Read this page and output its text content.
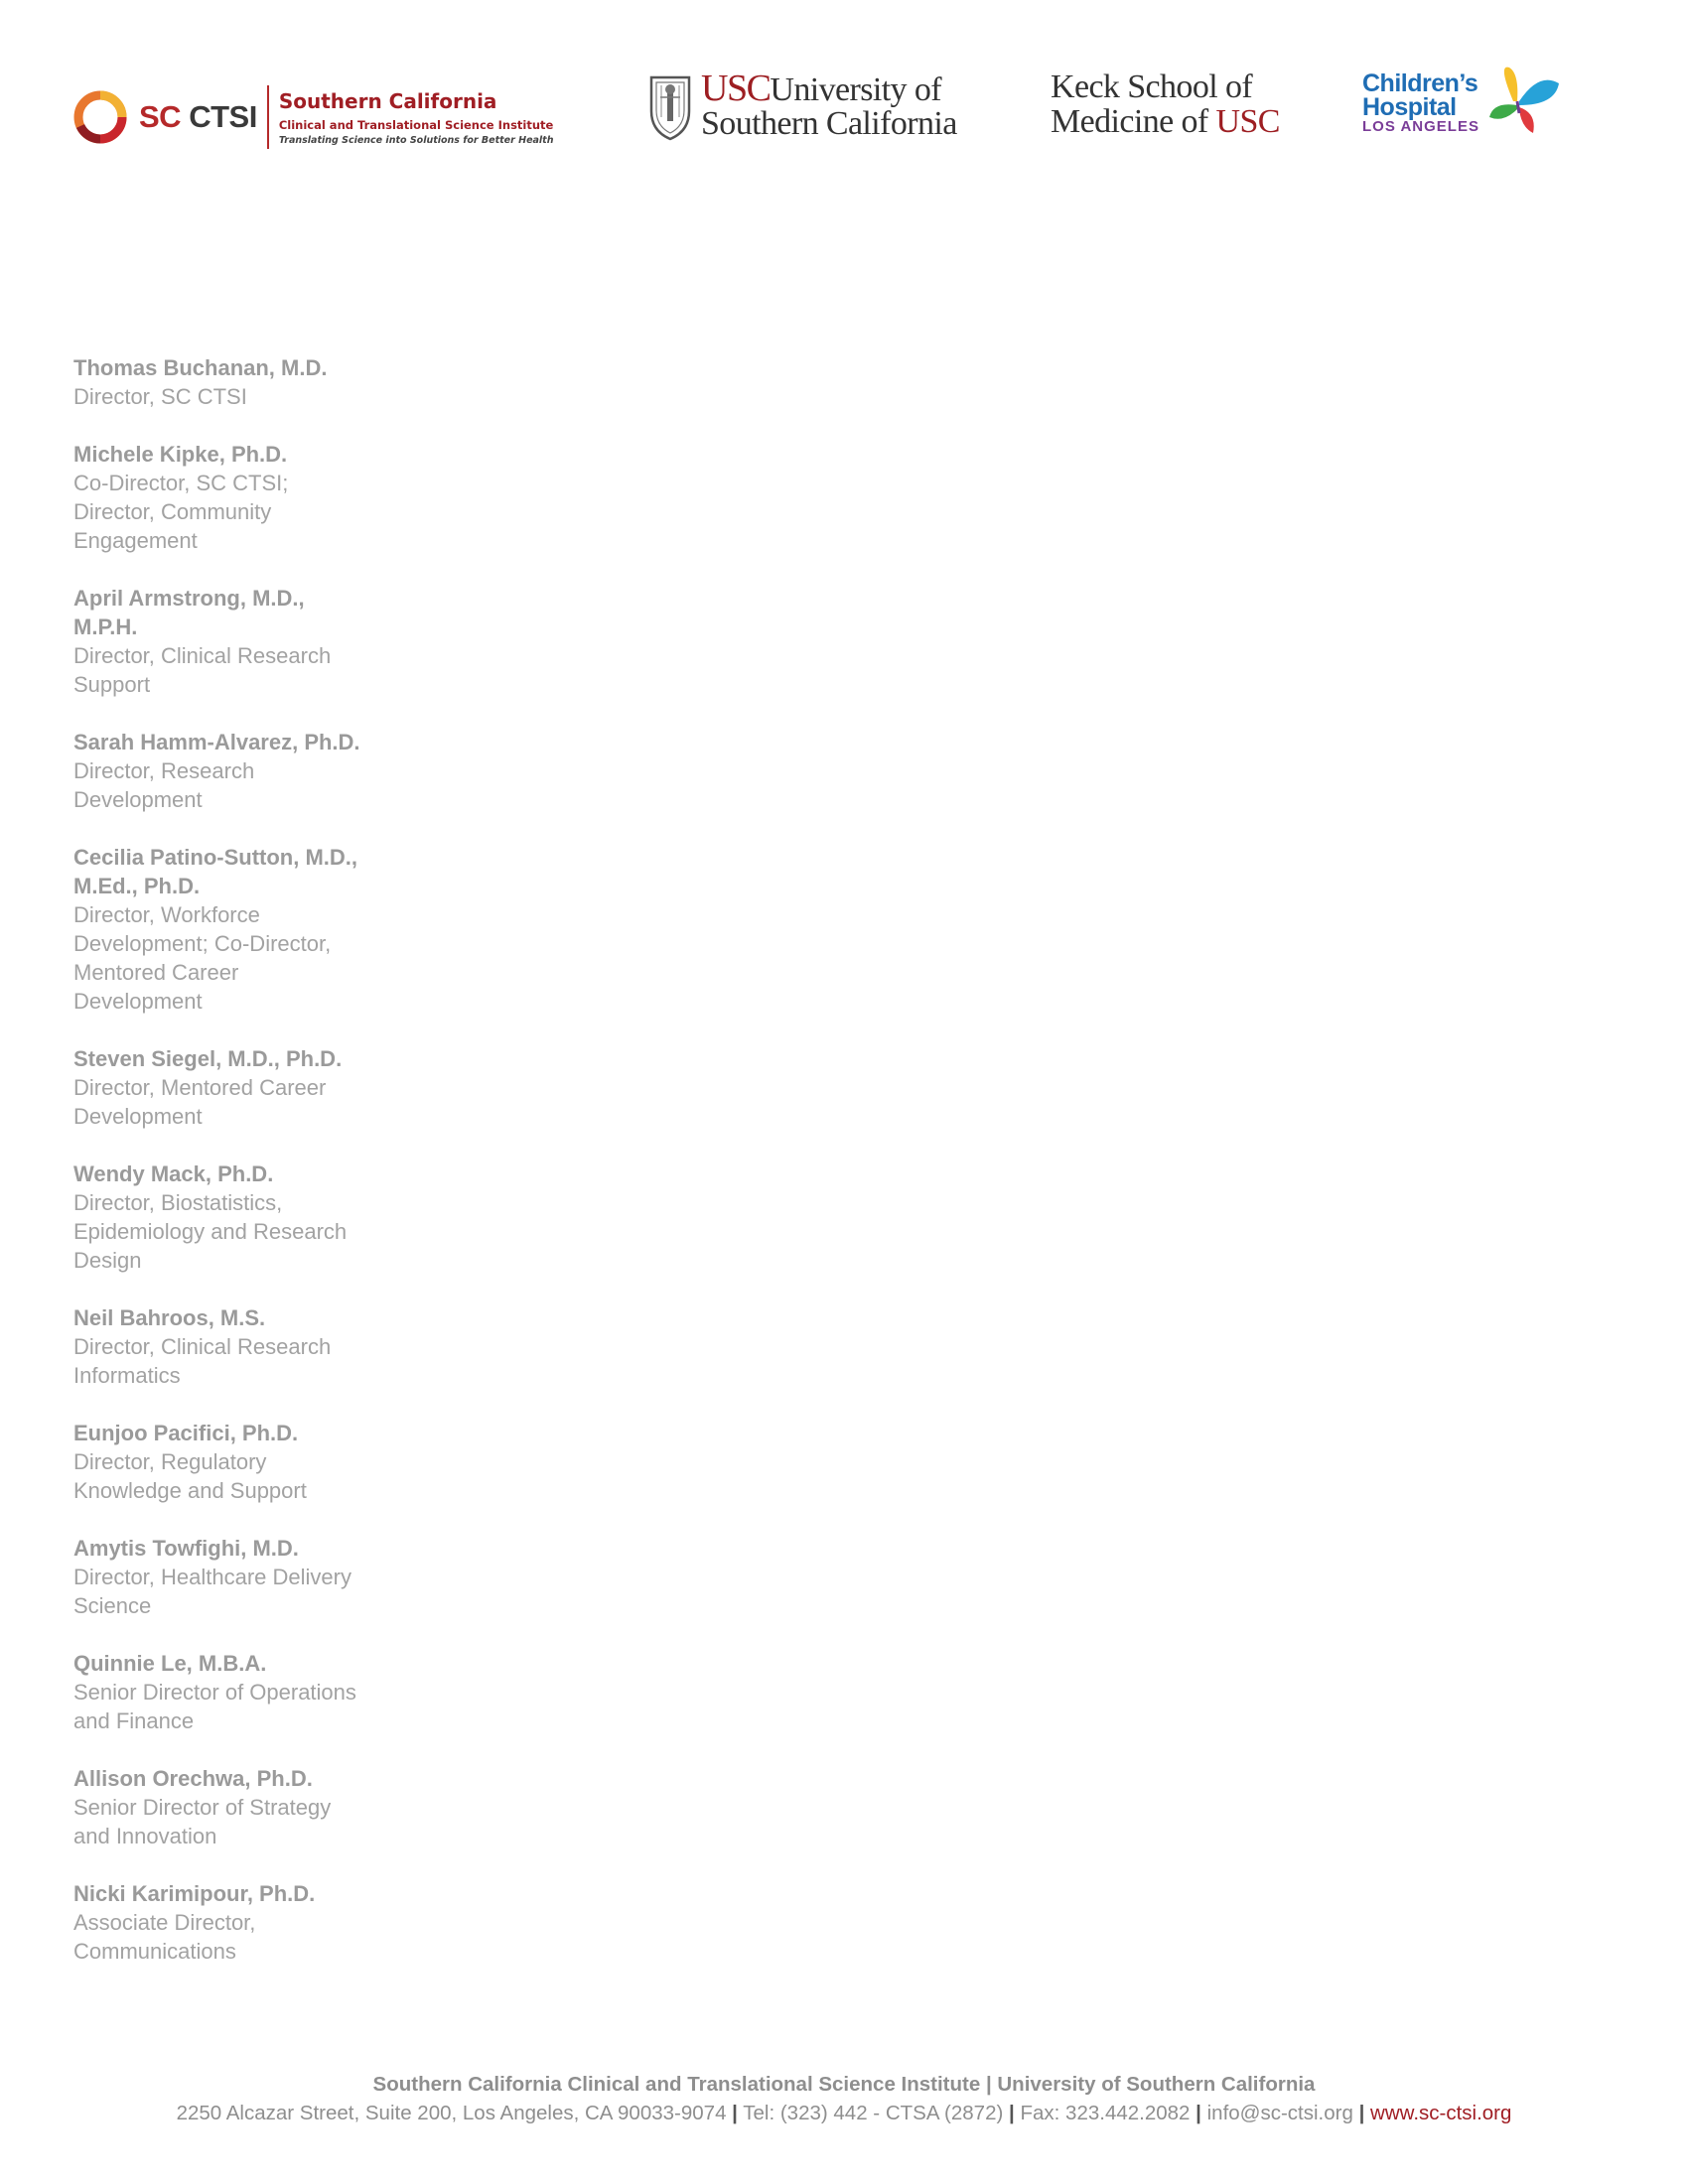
SC CTSI Southern California
Clinical and Translational Science Institute
Translating Science into Solutions for Better Health
USCUniversity of
Southern California
Keck School of
Medicine of USC
Children’s
Hospital
LOS ANGELES
Thomas Buchanan, M.D.
Director, SC CTSI
Michele Kipke, Ph.D.
Co-Director, SC CTSI;
Director, Community
Engagement
April Armstrong, M.D.,
M.P.H.
Director, Clinical Research
Support
Sarah Hamm-Alvarez, Ph.D.
Director, Research
Development
Cecilia Patino-Sutton, M.D.,
M.Ed., Ph.D.
Director, Workforce
Development; Co-Director,
Mentored Career
Development
Steven Siegel, M.D., Ph.D.
Director, Mentored Career
Development
Wendy Mack, Ph.D.
Director, Biostatistics,
Epidemiology and Research
Design
Neil Bahroos, M.S.
Director, Clinical Research
Informatics
Eunjoo Pacifici, Ph.D.
Director, Regulatory
Knowledge and Support
Amytis Towfighi, M.D.
Director, Healthcare Delivery
Science
Quinnie Le, M.B.A.
Senior Director of Operations
and Finance
Allison Orechwa, Ph.D.
Senior Director of Strategy
and Innovation
Nicki Karimipour, Ph.D.
Associate Director,
Communications
Southern California Clinical and Translational Science Institute | University of Southern California
2250 Alcazar Street, Suite 200, Los Angeles, CA 90033-9074 | Tel: (323) 442 - CTSA (2872) | Fax: 323.442.2082 | info@sc-ctsi.org | www.sc-ctsi.org
